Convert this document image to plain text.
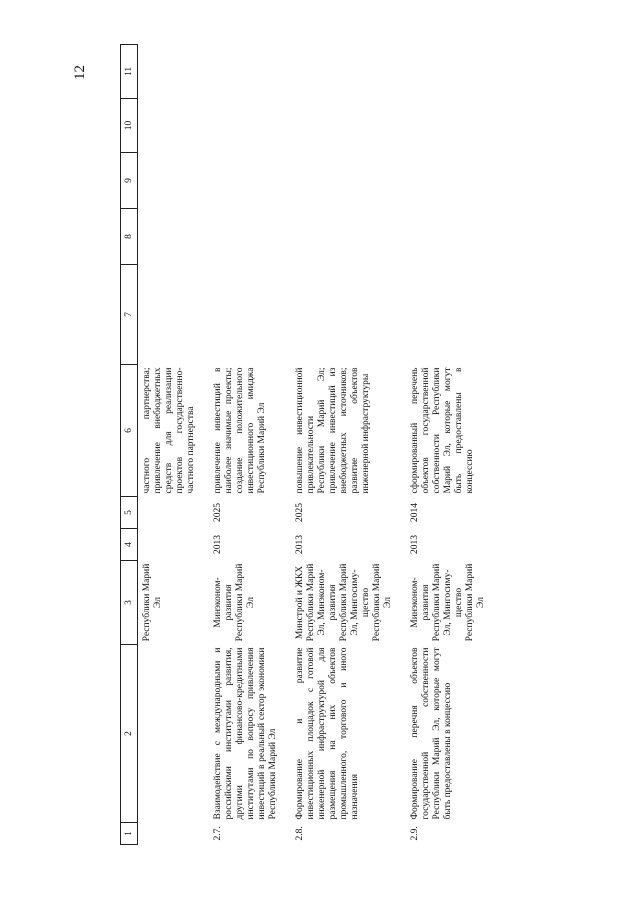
12
1	2	3	4	5	6	7	8	9	10	11
		Республики Марий Эл			частного партнерства; привлечение внебюджетных средств для реализации проектов государственно-частного партнерства					

2.7.	Взаимодействие с международными и российскими институтами развития, другими финансово-кредитными институтами по вопросу привлечения инвестиций в реальный сектор экономики Республики Марий Эл	Минэконом-развития Республики Марий Эл	2013	2025	привлечение инвестиций в наиболее значимые проекты; создание положительного инвестиционного имиджа Республики Марий Эл					

2.8.	Формирование и развитие инвестиционных площадок с готовой инженерной инфраструктурой для размещения на них объектов промышленного, торгового и иного назначения	Минстрой и ЖКХ Республики Марий Эл, Минэконом-развития Республики Марий Эл, Мингосиму-щество Республики Марий Эл	2013	2025	повышение инвестиционной привлекательности Республики Марий Эл; привлечение инвестиций из внебюджетных источников; развитие объектов инженерной инфраструктуры					

2.9.	Формирование перечня объектов государственной собственности Республики Марий Эл, которые могут быть предоставлены в концессию	Минэконом-развития Республики Марий Эл, Мингосиму-щество Республики Марий Эл	2013	2014	сформированный перечень объектов государственной собственности Республики Марий Эл, которые могут быть предоставлены в концессию					
